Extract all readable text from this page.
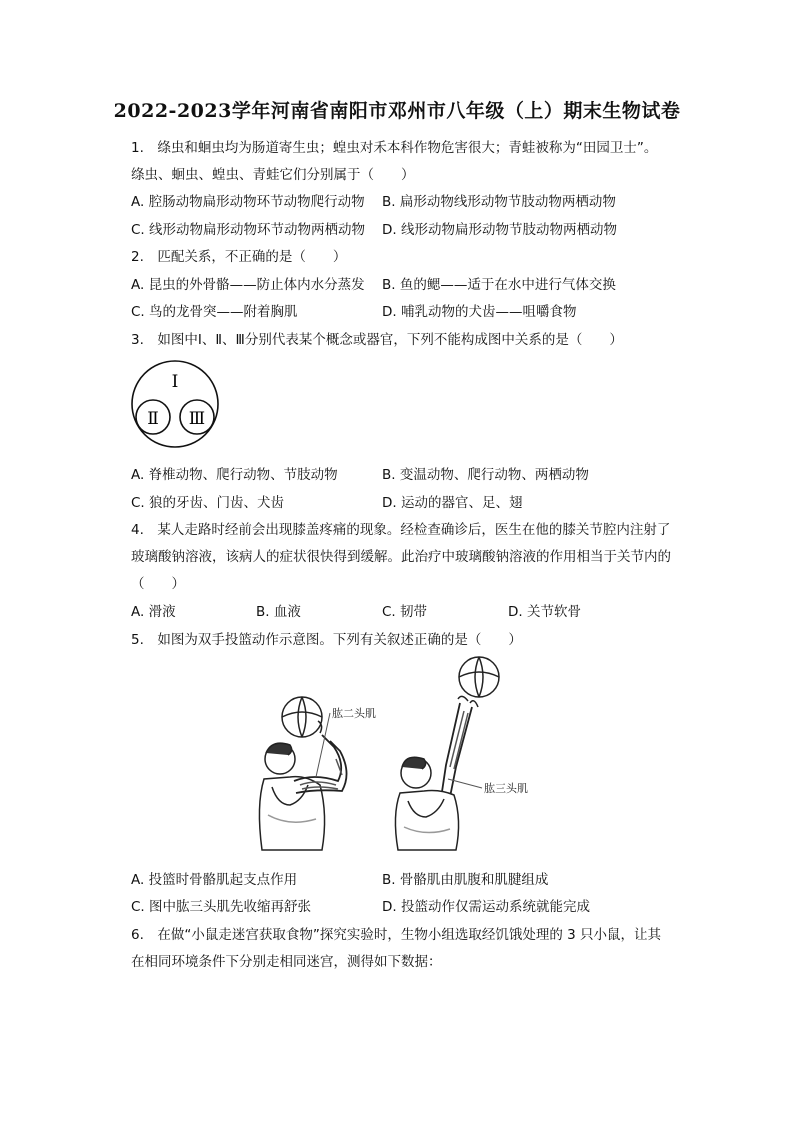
2022-2023学年河南省南阳市邓州市八年级（上）期末生物试卷
1.　绦虫和蛔虫均为肠道寄生虫；蝗虫对禾本科作物危害很大；青蛙被称为“田园卫士”。
绦虫、蛔虫、蝗虫、青蛙它们分别属于（　　）
A. 腔肠动物扁形动物环节动物爬行动物 B. 扁形动物线形动物节肢动物两栖动物
C. 线形动物扁形动物环节动物两栖动物 D. 线形动物扁形动物节肢动物两栖动物
2.　匹配关系，不正确的是（　　）
A. 昆虫的外骨骼——防止体内水分蒸发 B. 鱼的鳃——适于在水中进行气体交换
C. 鸟的龙骨突——附着胸肌	D. 哺乳动物的犬齿——咀嚼食物
3.　如图中Ⅰ、Ⅱ、Ⅲ分别代表某个概念或器官，下列不能构成图中关系的是（　　）
Ⅰ
Ⅱ Ⅲ
A. 脊椎动物、爬行动物、节肢动物	B. 变温动物、爬行动物、两栖动物
C. 狼的牙齿、门齿、犬齿	D. 运动的器官、足、翅
4.　某人走路时经前会出现膝盖疼痛的现象。经检查确诊后，医生在他的膝关节腔内注射了
玻璃酸钠溶液，该病人的症状很快得到缓解。此治疗中玻璃酸钠溶液的作用相当于关节内的
（　　）
A. 滑液	B. 血液	C. 韧带	D. 关节软骨
5.　如图为双手投篮动作示意图。下列有关叙述正确的是（　　）
肱二头肌
肱三头肌
A. 投篮时骨骼肌起支点作用	B. 骨骼肌由肌腹和肌腱组成
C. 图中肱三头肌先收缩再舒张	D. 投篮动作仅需运动系统就能完成
6.　在做“小鼠走迷宫获取食物”探究实验时，生物小组选取经饥饿处理的 3 只小鼠，让其
在相同环境条件下分别走相同迷宫，测得如下数据：
